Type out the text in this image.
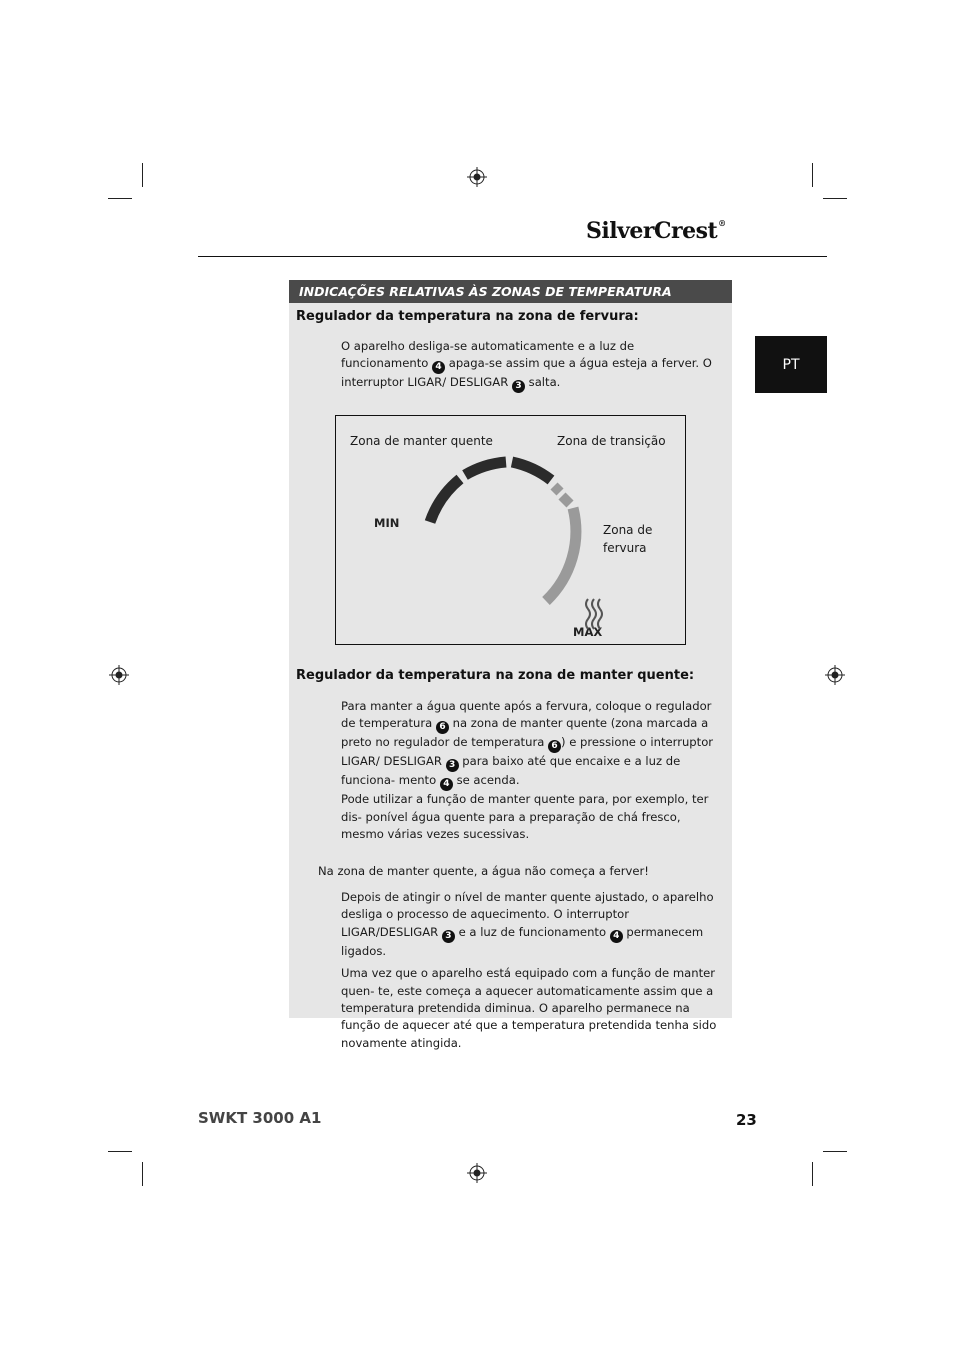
SilverCrest®
PT
INDICAÇÕES RELATIVAS ÀS ZONAS DE TEMPERATURA
Regulador da temperatura na zona de fervura:

O aparelho desliga-se automaticamente e a luz de funcionamento 4 apaga-se assim que a água esteja a ferver. O interruptor LIGAR/ DESLIGAR 3 salta.

Zona de manter quente	Zona de transição
Zona de
fervura
MIN
MAX
Regulador da temperatura na zona de manter quente:

Para manter a água quente após a fervura, coloque o regulador de temperatura 6 na zona de manter quente (zona marcada a preto no regulador de temperatura 6 ) e pressione o interruptor LIGAR/ DESLIGAR 3 para baixo até que encaixe e a luz de funciona- mento 4 se acenda.

Pode utilizar a função de manter quente para, por exemplo, ter dis- ponível água quente para a preparação de chá fresco, mesmo várias vezes sucessivas.

Na zona de manter quente, a água não começa a ferver!

Depois de atingir o nível de manter quente ajustado, o aparelho desliga o processo de aquecimento. O interruptor LIGAR/DESLIGAR 3 e a luz de funcionamento 4 permanecem ligados.

Uma vez que o aparelho está equipado com a função de manter quen- te, este começa a aquecer automaticamente assim que a temperatura pretendida diminua. O aparelho permanece na função de aquecer até que a temperatura pretendida tenha sido novamente atingida.

SWKT 3000 A1	23
